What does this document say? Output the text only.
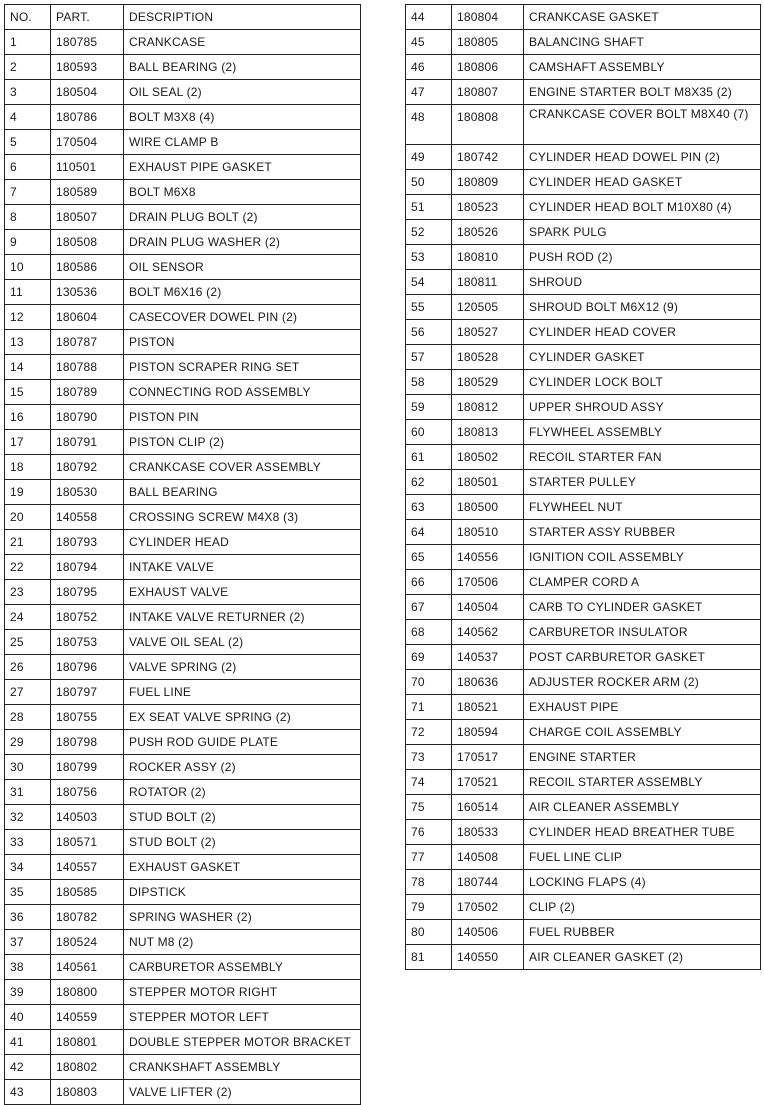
NO.	PART.	DESCRIPTION
1	180785	CRANKCASE
2	180593	BALL BEARING (2)
3	180504	OIL SEAL (2)
4	180786	BOLT M3X8 (4)
5	170504	WIRE CLAMP B
6	110501	EXHAUST PIPE GASKET
7	180589	BOLT M6X8
8	180507	DRAIN PLUG BOLT (2)
9	180508	DRAIN PLUG WASHER (2)
10	180586	OIL SENSOR
11	130536	BOLT M6X16 (2)
12	180604	CASECOVER DOWEL PIN (2)
13	180787	PISTON
14	180788	PISTON SCRAPER RING SET
15	180789	CONNECTING ROD ASSEMBLY
16	180790	PISTON PIN
17	180791	PISTON CLIP (2)
18	180792	CRANKCASE COVER ASSEMBLY
19	180530	BALL BEARING
20	140558	CROSSING SCREW M4X8 (3)
21	180793	CYLINDER HEAD
22	180794	INTAKE VALVE
23	180795	EXHAUST VALVE
24	180752	INTAKE VALVE RETURNER (2)
25	180753	VALVE OIL SEAL (2)
26	180796	VALVE SPRING (2)
27	180797	FUEL LINE
28	180755	EX SEAT VALVE SPRING (2)
29	180798	PUSH ROD GUIDE PLATE
30	180799	ROCKER ASSY (2)
31	180756	ROTATOR (2)
32	140503	STUD BOLT (2)
33	180571	STUD BOLT (2)
34	140557	EXHAUST GASKET
35	180585	DIPSTICK
36	180782	SPRING WASHER (2)
37	180524	NUT M8 (2)
38	140561	CARBURETOR ASSEMBLY
39	180800	STEPPER MOTOR RIGHT
40	140559	STEPPER MOTOR LEFT
41	180801	DOUBLE STEPPER MOTOR BRACKET
42	180802	CRANKSHAFT ASSEMBLY
43	180803	VALVE LIFTER (2)
44	180804	CRANKCASE GASKET
45	180805	BALANCING SHAFT
46	180806	CAMSHAFT ASSEMBLY
47	180807	ENGINE STARTER BOLT M8X35 (2)
48	180808	CRANKCASE COVER BOLT M8X40 (7)
49	180742	CYLINDER HEAD DOWEL PIN (2)
50	180809	CYLINDER HEAD GASKET
51	180523	CYLINDER HEAD BOLT M10X80 (4)
52	180526	SPARK PULG
53	180810	PUSH ROD (2)
54	180811	SHROUD
55	120505	SHROUD BOLT M6X12 (9)
56	180527	CYLINDER HEAD COVER
57	180528	CYLINDER GASKET
58	180529	CYLINDER LOCK BOLT
59	180812	UPPER SHROUD ASSY
60	180813	FLYWHEEL ASSEMBLY
61	180502	RECOIL STARTER FAN
62	180501	STARTER PULLEY
63	180500	FLYWHEEL NUT
64	180510	STARTER ASSY RUBBER
65	140556	IGNITION COIL ASSEMBLY
66	170506	CLAMPER CORD A
67	140504	CARB TO CYLINDER GASKET
68	140562	CARBURETOR INSULATOR
69	140537	POST CARBURETOR GASKET
70	180636	ADJUSTER ROCKER ARM (2)
71	180521	EXHAUST PIPE
72	180594	CHARGE COIL ASSEMBLY
73	170517	ENGINE STARTER
74	170521	RECOIL STARTER ASSEMBLY
75	160514	AIR CLEANER ASSEMBLY
76	180533	CYLINDER HEAD BREATHER TUBE
77	140508	FUEL LINE CLIP
78	180744	LOCKING FLAPS (4)
79	170502	CLIP (2)
80	140506	FUEL RUBBER
81	140550	AIR CLEANER GASKET (2)
